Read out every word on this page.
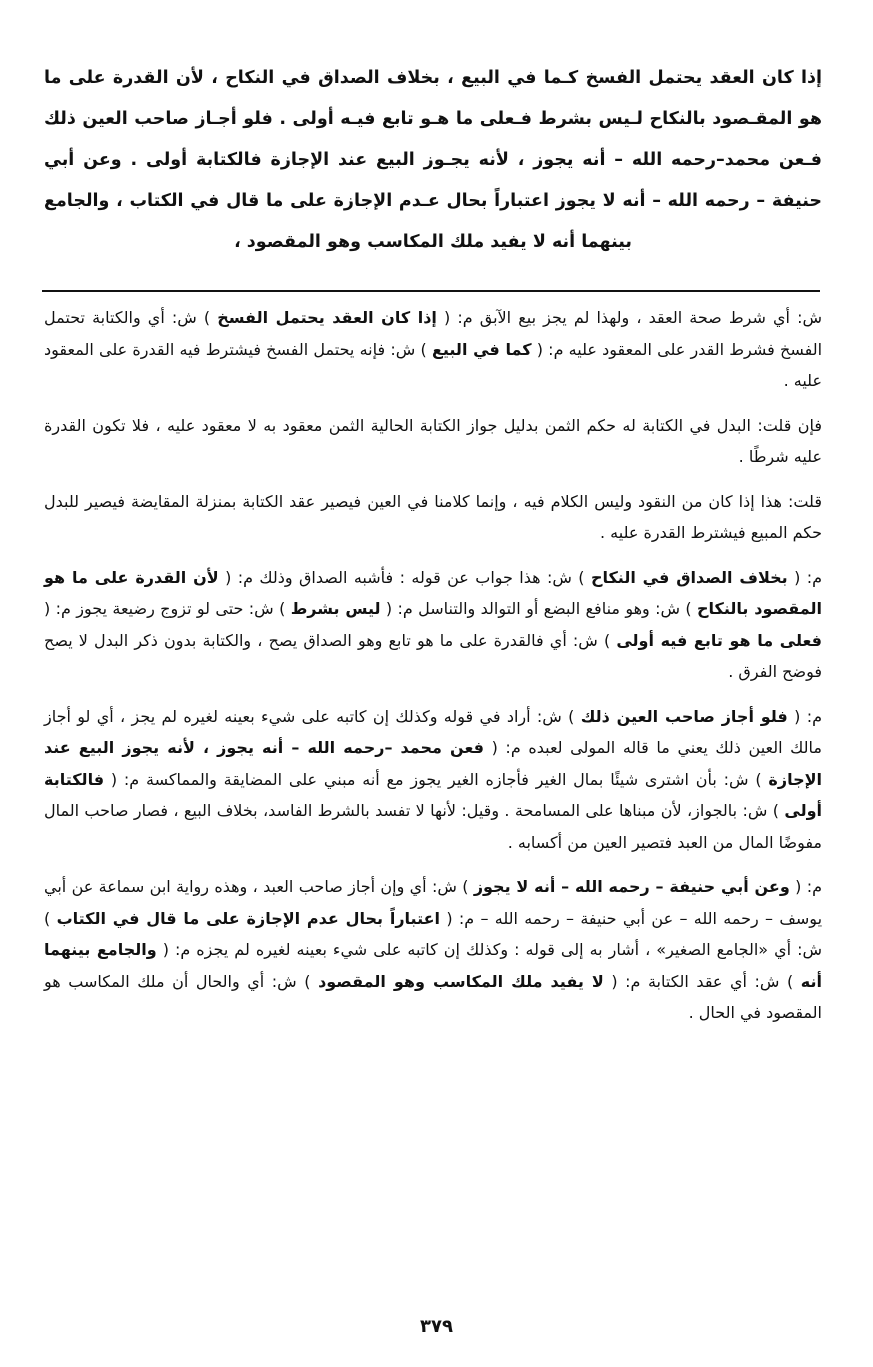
إذا كان العقد يحتمل الفسخ كـما في البيع ، بخلاف الصداق في النكاح ، لأن القدرة على ما هو المقـصود بالنكاح لـيس بشرط فـعلى ما هـو تابع فيـه أولى . فلو أجـاز صاحب العين ذلك فـعن محمد–رحمه الله – أنه يجوز ، لأنه يجـوز البيع عند الإجازة فالكتابة أولى . وعن أبي حنيفة – رحمه الله – أنه لا يجوز اعتباراً بحال عـدم الإجازة على ما قال في الكتاب ، والجامع بينهما أنه لا يفيد ملك المكاسب وهو المقصود ،

ش: أي شرط صحة العقد ، ولهذا لم يجز بيع الآبق م: ( إذا كان العقد يحتمل الفسخ ) ش: أي والكتابة تحتمل الفسخ فشرط القدر على المعقود عليه م: ( كما في البيع ) ش: فإنه يحتمل الفسخ فيشترط فيه القدرة على المعقود عليه .

فإن قلت: البدل في الكتابة له حكم الثمن بدليل جواز الكتابة الحالية الثمن معقود به لا معقود عليه ، فلا تكون القدرة عليه شرطًا .

قلت: هذا إذا كان من النقود وليس الكلام فيه ، وإنما كلامنا في العين فيصير عقد الكتابة بمنزلة المقايضة فيصير للبدل حكم المبيع فيشترط القدرة عليه .

م: ( بخلاف الصداق في النكاح ) ش: هذا جواب عن قوله : فأشبه الصداق وذلك م: ( لأن القدرة على ما هو المقصود بالنكاح ) ش: وهو منافع البضع أو التوالد والتناسل م: ( ليس بشرط ) ش: حتى لو تزوج رضيعة يجوز م: ( فعلى ما هو تابع فيه أولى ) ش: أي فالقدرة على ما هو تابع وهو الصداق يصح ، والكتابة بدون ذكر البدل لا يصح فوضح الفرق .

م: ( فلو أجاز صاحب العين ذلك ) ش: أراد في قوله وكذلك إن كاتبه على شيء بعينه لغيره لم يجز ، أي لو أجاز مالك العين ذلك يعني ما قاله المولى لعبده م: ( فعن محمد –رحمه الله – أنه يجوز ، لأنه يجوز البيع عند الإجازة ) ش: بأن اشترى شيئًا بمال الغير فأجازه الغير يجوز مع أنه مبني على المضايقة والمماكسة م: ( فالكتابة أولى ) ش: بالجواز، لأن مبناها على المسامحة . وقيل: لأنها لا تفسد بالشرط الفاسد، بخلاف البيع ، فصار صاحب المال مفوضًا المال من العبد فتصير العين من أكسابه .

م: ( وعن أبي حنيفة – رحمه الله – أنه لا يجوز ) ش: أي وإن أجاز صاحب العبد ، وهذه رواية ابن سماعة عن أبي يوسف – رحمه الله – عن أبي حنيفة – رحمه الله – م: ( اعتباراً بحال عدم الإجازة على ما قال في الكتاب ) ش: أي «الجامع الصغير» ، أشار به إلى قوله : وكذلك إن كاتبه على شيء بعينه لغيره لم يجزه م: ( والجامع بينهما أنه ) ش: أي عقد الكتابة م: ( لا يفيد ملك المكاسب وهو المقصود ) ش: أي والحال أن ملك المكاسب هو المقصود في الحال .

٣٧٩
